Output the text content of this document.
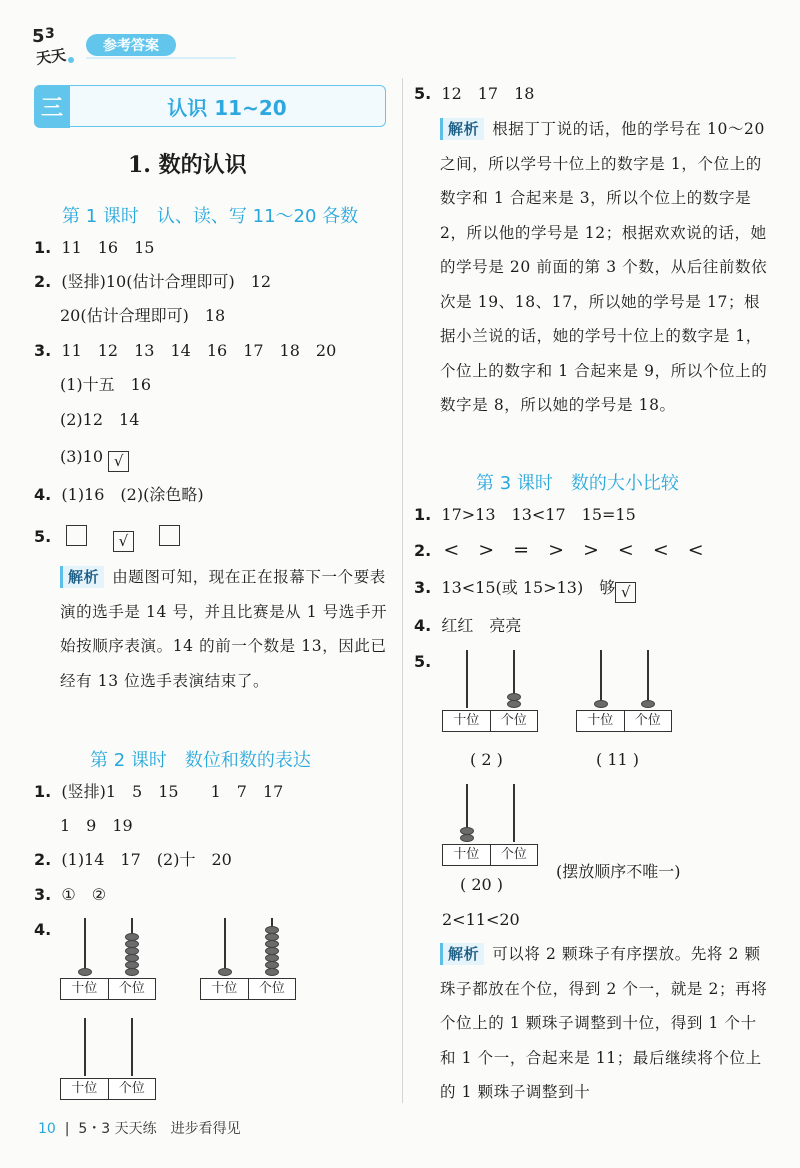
5 3
天天	参考答案
三	认识 11~20
1. 数的认识
第 1 课时　认、读、写 11～20 各数
1. 11　16　15
2. (竖排)10(估计合理即可)　12
20(估计合理即可)　18
3. 11　12　13　14　16　17　18　20
(1)十五　16
(2)12　14
(3)10 √
4. (1)16　(2)(涂色略)
5.	√
解析 由题图可知，现在正在报幕下一个要表演的选手是 14 号，并且比赛是从 1 号选手开始按顺序表演。14 的前一个数是 13，因此已经有 13 位选手表演结束了。
第 2 课时　数位和数的表达
1. (竖排)1　5　15　　1　7　17
1　9　19
2. (1)14　17　(2)十　20
3. ①　②
4.
十位	个位	十位	个位
十位	个位
5. 12　17　18
解析 根据丁丁说的话，他的学号在 10～20 之间，所以学号十位上的数字是 1，个位上的数字和 1 合起来是 3，所以个位上的数字是 2，所以他的学号是 12；根据欢欢说的话，她的学号是 20 前面的第 3 个数，从后往前数依次是 19、18、17，所以她的学号是 17；根据小兰说的话，她的学号十位上的数字是 1，个位上的数字和 1 合起来是 9，所以个位上的数字是 8，所以她的学号是 18。
第 3 课时　数的大小比较
1. 17>13　13<17　15=15
2. <　>　=　>　>　<　<　<
3. 13<15(或 15>13)　够 √
4. 红红　亮亮
5.
十位	个位
( 2 )
十位	个位
( 11 )
十位	个位
( 20 )
(摆放顺序不唯一)
2<11<20
解析 可以将 2 颗珠子有序摆放。先将 2 颗珠子都放在个位，得到 2 个一，就是 2；再将个位上的 1 颗珠子调整到十位，得到 1 个十和 1 个一，合起来是 11；最后继续将个位上的 1 颗珠子调整到十
10  |  5・3 天天练　进步看得见
